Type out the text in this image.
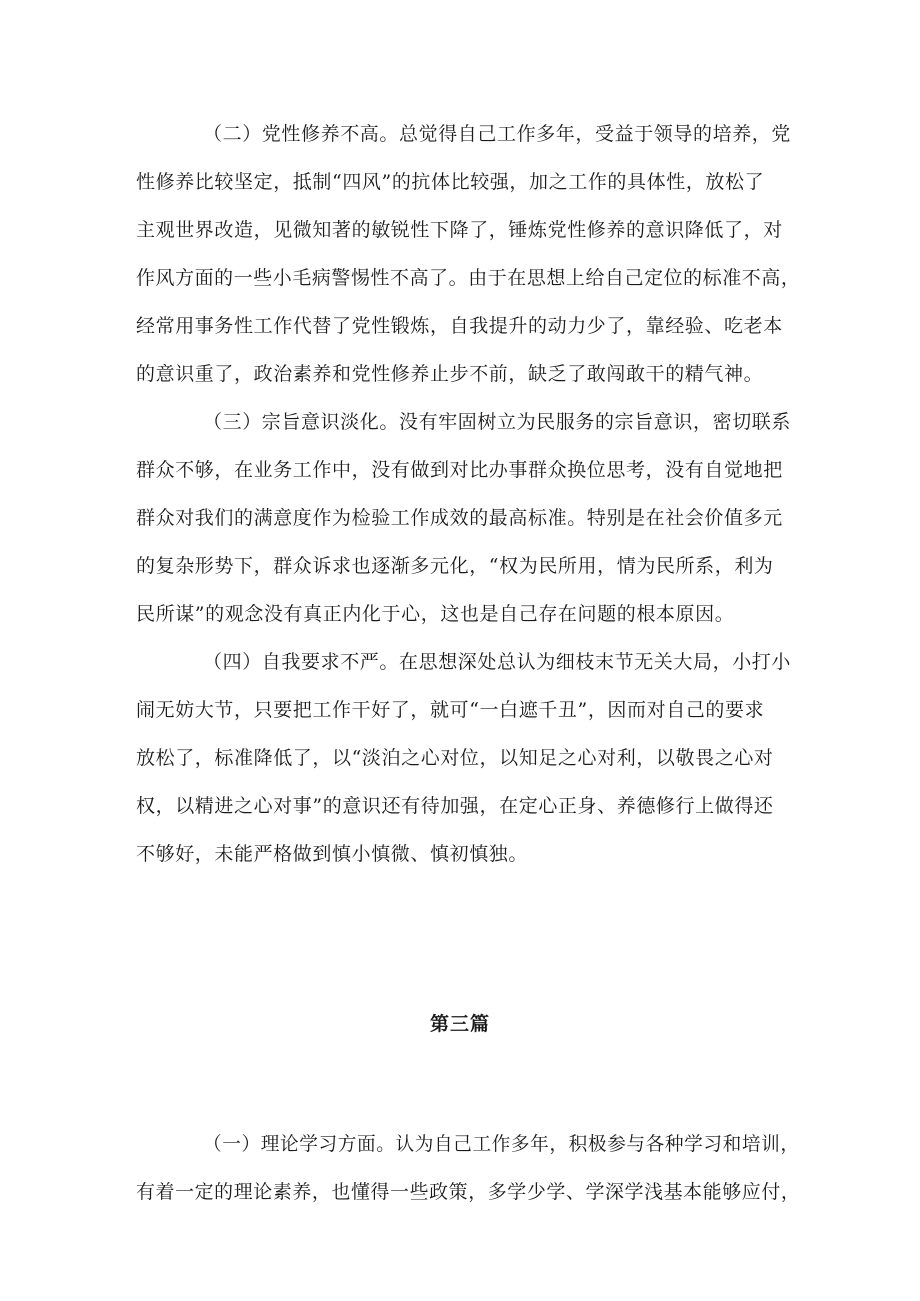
（二）党性修养不高。总觉得自己工作多年，受益于领导的培养，党

性修养比较坚定，抵制“四风”的抗体比较强，加之工作的具体性，放松了

主观世界改造，见微知著的敏锐性下降了，锤炼党性修养的意识降低了，对

作风方面的一些小毛病警惕性不高了。由于在思想上给自己定位的标准不高，

经常用事务性工作代替了党性锻炼，自我提升的动力少了，靠经验、吃老本

的意识重了，政治素养和党性修养止步不前，缺乏了敢闯敢干的精气神。

（三）宗旨意识淡化。没有牢固树立为民服务的宗旨意识，密切联系

群众不够，在业务工作中，没有做到对比办事群众换位思考，没有自觉地把

群众对我们的满意度作为检验工作成效的最高标准。特别是在社会价值多元

的复杂形势下，群众诉求也逐渐多元化，“权为民所用，情为民所系，利为

民所谋”的观念没有真正内化于心，这也是自己存在问题的根本原因。

（四）自我要求不严。在思想深处总认为细枝末节无关大局，小打小

闹无妨大节，只要把工作干好了，就可“一白遮千丑”，因而对自己的要求

放松了，标准降低了，以“淡泊之心对位，以知足之心对利，以敬畏之心对

权，以精进之心对事”的意识还有待加强，在定心正身、养德修行上做得还

不够好，未能严格做到慎小慎微、慎初慎独。

第三篇

（一）理论学习方面。认为自己工作多年，积极参与各种学习和培训，

有着一定的理论素养，也懂得一些政策，多学少学、学深学浅基本能够应付，
